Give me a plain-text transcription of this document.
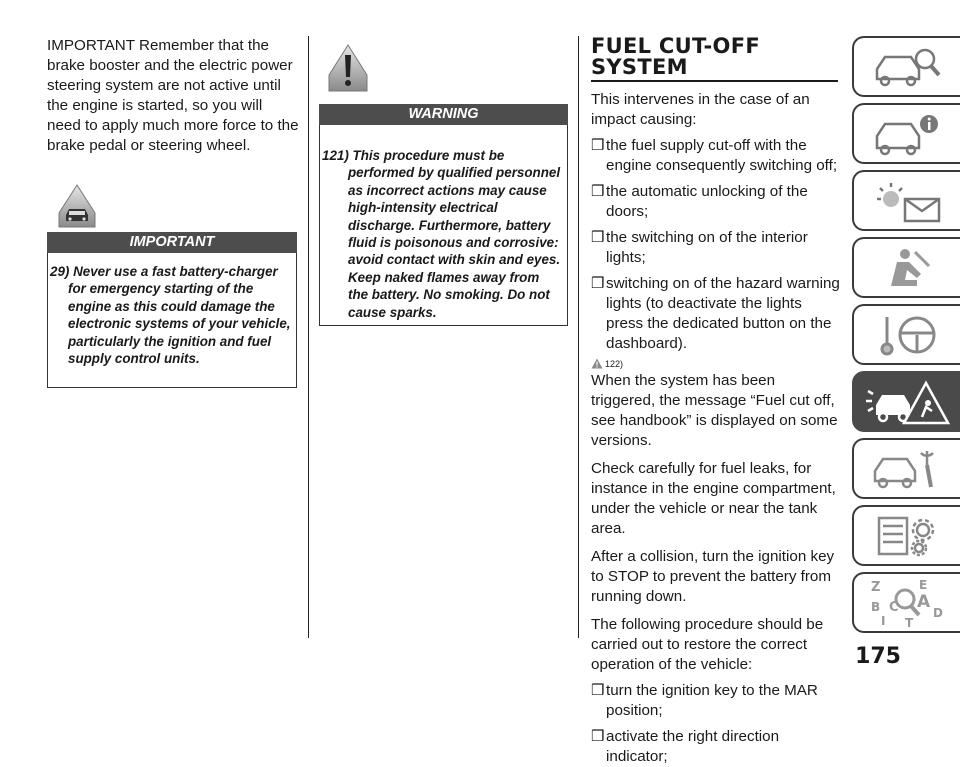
IMPORTANT Remember that the brake booster and the electric power steering system are not active until the engine is started, so you will need to apply much more force to the brake pedal or steering wheel.
IMPORTANT
29) Never use a fast battery-charger for emergency starting of the engine as this could damage the electronic systems of your vehicle, particularly the ignition and fuel supply control units.
WARNING
121) This procedure must be performed by qualified personnel as incorrect actions may cause high-intensity electrical discharge. Furthermore, battery fluid is poisonous and corrosive: avoid contact with skin and eyes. Keep naked flames away from the battery. No smoking. Do not cause sparks.
FUEL CUT-OFF
SYSTEM

This intervenes in the case of an impact causing:

❒the fuel supply cut-off with the engine consequently switching off;
❒the automatic unlocking of the doors;
❒the switching on of the interior lights;
❒switching on of the hazard warning lights (to deactivate the lights press the dedicated button on the dashboard).
122)

When the system has been triggered, the message “Fuel cut off, see handbook” is displayed on some versions.

Check carefully for fuel leaks, for instance in the engine compartment, under the vehicle or near the tank area.

After a collision, turn the ignition key to STOP to prevent the battery from running down.

The following procedure should be carried out to restore the correct operation of the vehicle:

❒turn the ignition key to the MAR position;
❒activate the right direction indicator;
Z	E
A
B C	D
I T
175
